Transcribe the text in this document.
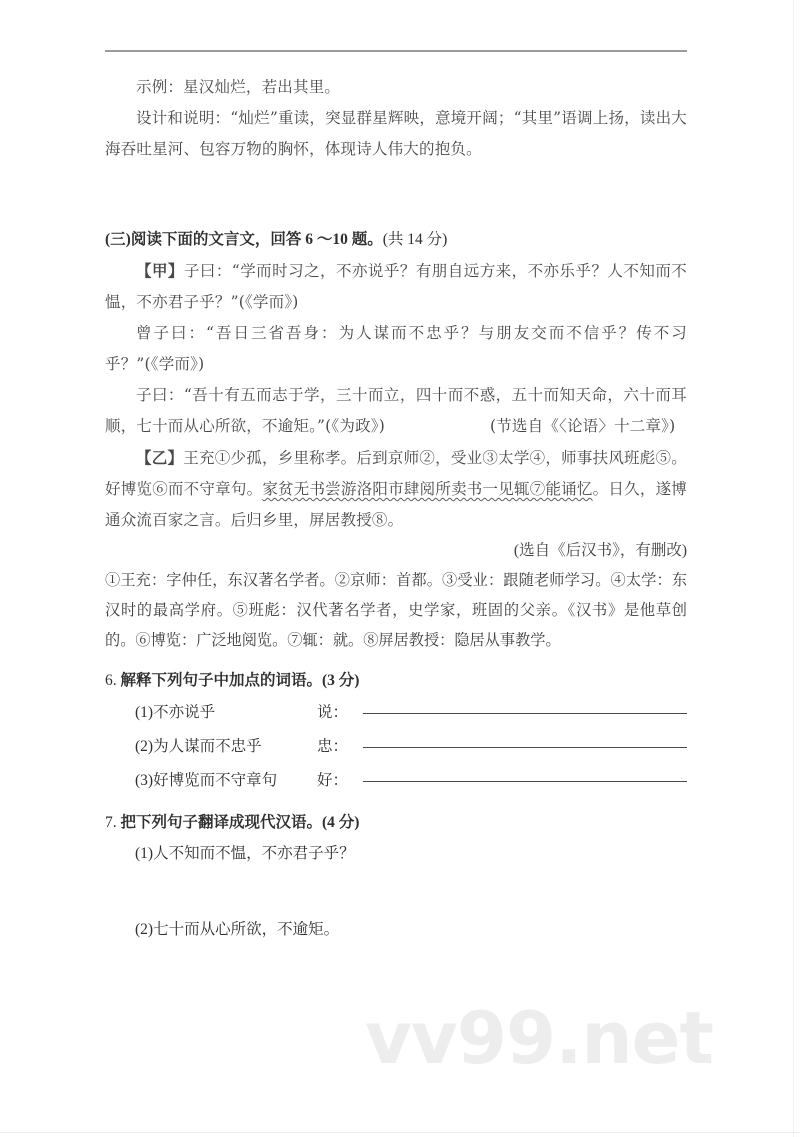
示例：星汉灿烂，若出其里。

设计和说明：“灿烂”重读，突显群星辉映，意境开阔；“其里”语调上扬，读出大海吞吐星河、包容万物的胸怀，体现诗人伟大的抱负。

(三)阅读下面的文言文，回答 6 ～10 题。(共 14 分)

【甲】子曰：“学而时习之，不亦说乎？有朋自远方来，不亦乐乎？人不知而不愠，不亦君子乎？”(《学而》)

曾子曰：“吾日三省吾身：为人谋而不忠乎？与朋友交而不信乎？传不习乎？”(《学而》)

子曰：“吾十有五而志于学，三十而立，四十而不惑，五十而知天命，六十而耳顺，七十而从心所欲，不逾矩。”(《为政》)	(节选自《〈论语〉十二章》)

【乙】王充①少孤，乡里称孝。后到京师②，受业③太学④，师事扶风班彪⑤。好博览⑥而不守章句。家贫无书尝游洛阳市肆阅所卖书一见辄⑦能诵忆。日久，遂博通众流百家之言。后归乡里，屏居教授⑧。

(选自《后汉书》，有删改)

①王充：字仲任，东汉著名学者。②京师：首都。③受业：跟随老师学习。④太学：东汉时的最高学府。⑤班彪：汉代著名学者，史学家，班固的父亲。《汉书》是他草创的。⑥博览：广泛地阅览。⑦辄：就。⑧屏居教授：隐居从事教学。

6. 解释下列句子中加点的词语。(3 分)

(1)不亦说乎	说：
(2)为人谋而不忠乎	忠：
(3)好博览而不守章句	好：

7. 把下列句子翻译成现代汉语。(4 分)

(1)人不知而不愠，不亦君子乎？

(2)七十而从心所欲，不逾矩。

vv99.net
